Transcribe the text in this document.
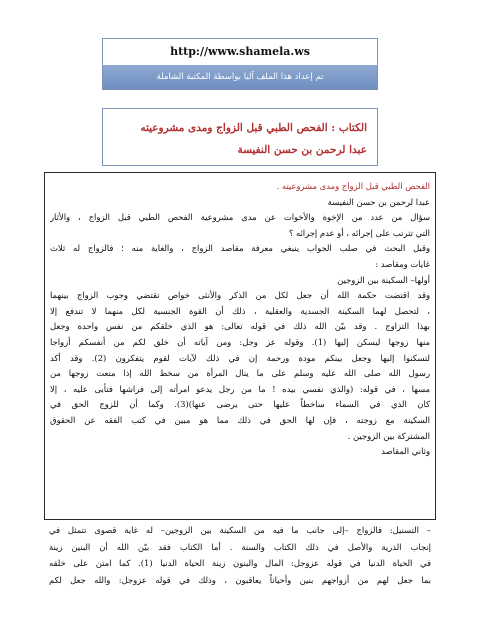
http://www.shamela.ws
تم إعداد هذا الملف آليا بواسطة المكتبة الشاملة
الكتاب : الفحص الطبي قبل الزواج ومدى مشروعيته
عبدا لرحمن بن حسن النفيسة
الفحص الطبي قبل الزواج ومدى مشروعيته .
عبدا لرحمن بن حسن النفيسة
سؤال من عدد من الإخوة والأخوات عن مدى مشروعية الفحص الطبي قبل الزواج ، والأثار
التي تترتب على إجرائه ، أو عدم إجرائه ؟
وقبل البحث في صلب الجواب ينبغي معرفة مقاصد الزواج ، والغاية منه ؛ فالزواج له ثلاث
غايات ومقاصد :
أولها– السكينة بين الزوجين
وقد اقتضت حكمة الله أن جعل لكل من الذكر والأنثى خواص تقتضي وجوب الزواج بينهما
، لتحصل لهما السكينة الجسدية والعقلية ، ذلك أن القوة الجنسية لكل منهما لا تندفع إلا
بهذا التزاوج . وقد بيّن الله ذلك في قوله تعالى: هو الذي خلقكم من نفس واحدة وجعل
منها زوجها ليسكن إليها (1). وقوله عز وجل: ومن آياته أن خلق لكم من أنفسكم أزواجا
لتسكنوا إليها وجعل بينكم مودة ورحمة إن في ذلك لآيات لقوم يتفكرون (2). وقد أكد
رسول الله صلى الله عليه وسلم على ما ينال المرأة من سخط الله إذا منعت زوجها من
مسها ، في قوله: (والذي نفسي بيده ! ما من رجل يدعو امرأته إلى فراشها فتأبى عليه ، إلا
كان الذي في السماء ساخطاً عليها حتى يرضى عنها)(3). وكما أن للزوج الحق في
السكينة مع زوجته ، فإن لها الحق في ذلك مما هو مبين في كتب الفقه عن الحقوق
المشتركة بين الزوجين .
وثاني المقاصد
– التسنيل: فالزواج –إلى جانب ما فيه من السكينة بين الزوجين– له غاية قصوى تتمثل في
إنجاب الذرية والأصل في ذلك الكتاب والسنة . أما الكتاب فقد بيّن الله أن البنين زينة
في الحياة الدنيا في قوله عزوجل: المال والبنون زينة الحياة الدنيا (1). كما امتن على خلقه
بما جعل لهم من أزواجهم بنين وأحياناً يعاقبون ، وذلك في قوله عزوجل: والله جعل لكم
